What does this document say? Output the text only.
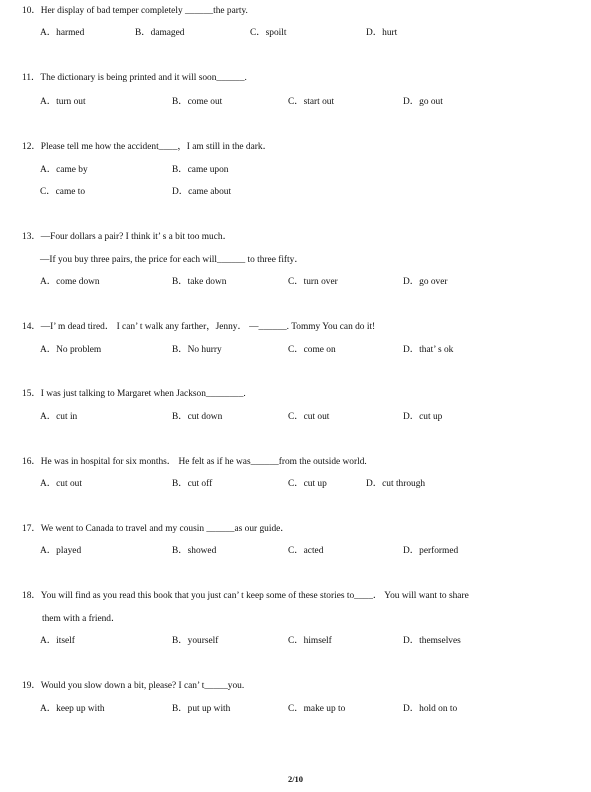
10．Her display of bad temper completely ______the party.
A．harmed	B．damaged	C．spoilt	D．hurt
11．The dictionary is being printed and it will soon______.
A．turn out	B．come out	C．start out	D．go out
12．Please tell me how the accident____，I am still in the dark．
A．came by	B．came upon
C．came to	D．came about
13．—Four dollars a pair? I think it’ s a bit too much．
—If you buy three pairs, the price for each will______ to three fifty．
A．come down	B．take down	C．turn over	D．go over
14．—I’ m dead tired． I can’ t walk any farther，Jenny． —______. Tommy You can do it!
A．No problem	B．No hurry	C．come on	D．that’ s ok
15．I was just talking to Margaret when Jackson________.
A．cut in	B．cut down	C．cut out	D．cut up
16．He was in hospital for six months． He felt as if he was______from the outside world.
A．cut out	B．cut off	C．cut up	D．cut through
17．We went to Canada to travel and my cousin ______as our guide．
A．played	B．showed	C．acted	D．performed
18．You will find as you read this book that you just can’ t keep some of these stories to____． You will want to share
them with a friend．
A．itself	B．yourself	C．himself	D．themselves
19．Would you slow down a bit, please? I can’ t_____you.
A．keep up with	B．put up with	C．make up to	D．hold on to
2/10
